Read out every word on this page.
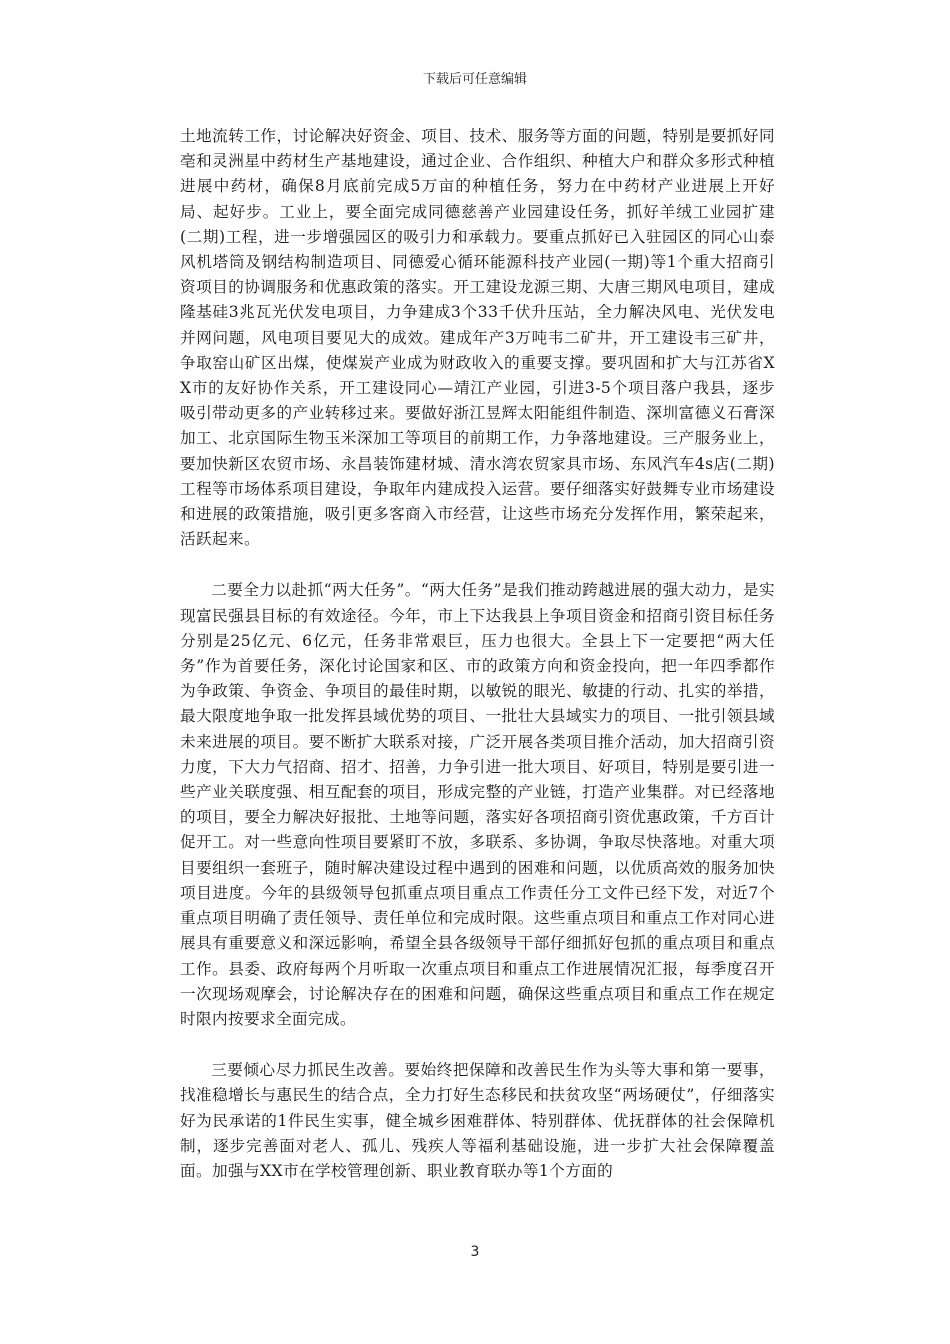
下载后可任意编辑

土地流转工作，讨论解决好资金、项目、技术、服务等方面的问题，特别是要抓好同亳和灵洲星中药材生产基地建设，通过企业、合作组织、种植大户和群众多形式种植进展中药材，确保8月底前完成5万亩的种植任务，努力在中药材产业进展上开好局、起好步。工业上，要全面完成同德慈善产业园建设任务，抓好羊绒工业园扩建(二期)工程，进一步增强园区的吸引力和承载力。要重点抓好已入驻园区的同心山泰风机塔筒及钢结构制造项目、同德爱心循环能源科技产业园(一期)等1个重大招商引资项目的协调服务和优惠政策的落实。开工建设龙源三期、大唐三期风电项目，建成隆基硅3兆瓦光伏发电项目，力争建成3个33千伏升压站，全力解决风电、光伏发电并网问题，风电项目要见大的成效。建成年产3万吨韦二矿井，开工建设韦三矿井，争取窑山矿区出煤，使煤炭产业成为财政收入的重要支撑。要巩固和扩大与江苏省XX市的友好协作关系，开工建设同心—靖江产业园，引进3-5个项目落户我县，逐步吸引带动更多的产业转移过来。要做好浙江昱辉太阳能组件制造、深圳富德义石膏深加工、北京国际生物玉米深加工等项目的前期工作，力争落地建设。三产服务业上，要加快新区农贸市场、永昌装饰建材城、清水湾农贸家具市场、东风汽车4s店(二期)工程等市场体系项目建设，争取年内建成投入运营。要仔细落实好鼓舞专业市场建设和进展的政策措施，吸引更多客商入市经营，让这些市场充分发挥作用，繁荣起来，活跃起来。

二要全力以赴抓“两大任务”。“两大任务”是我们推动跨越进展的强大动力，是实现富民强县目标的有效途径。今年，市上下达我县上争项目资金和招商引资目标任务分别是25亿元、6亿元，任务非常艰巨，压力也很大。全县上下一定要把“两大任务”作为首要任务，深化讨论国家和区、市的政策方向和资金投向，把一年四季都作为争政策、争资金、争项目的最佳时期，以敏锐的眼光、敏捷的行动、扎实的举措，最大限度地争取一批发挥县域优势的项目、一批壮大县域实力的项目、一批引领县域未来进展的项目。要不断扩大联系对接，广泛开展各类项目推介活动，加大招商引资力度，下大力气招商、招才、招善，力争引进一批大项目、好项目，特别是要引进一些产业关联度强、相互配套的项目，形成完整的产业链，打造产业集群。对已经落地的项目，要全力解决好报批、土地等问题，落实好各项招商引资优惠政策，千方百计促开工。对一些意向性项目要紧盯不放，多联系、多协调，争取尽快落地。对重大项目要组织一套班子，随时解决建设过程中遇到的困难和问题，以优质高效的服务加快项目进度。今年的县级领导包抓重点项目重点工作责任分工文件已经下发，对近7个重点项目明确了责任领导、责任单位和完成时限。这些重点项目和重点工作对同心进展具有重要意义和深远影响，希望全县各级领导干部仔细抓好包抓的重点项目和重点工作。县委、政府每两个月听取一次重点项目和重点工作进展情况汇报，每季度召开一次现场观摩会，讨论解决存在的困难和问题，确保这些重点项目和重点工作在规定时限内按要求全面完成。

三要倾心尽力抓民生改善。要始终把保障和改善民生作为头等大事和第一要事，找准稳增长与惠民生的结合点，全力打好生态移民和扶贫攻坚“两场硬仗”，仔细落实好为民承诺的1件民生实事，健全城乡困难群体、特别群体、优抚群体的社会保障机制，逐步完善面对老人、孤儿、残疾人等福利基础设施，进一步扩大社会保障覆盖面。加强与XX市在学校管理创新、职业教育联办等1个方面的

3
